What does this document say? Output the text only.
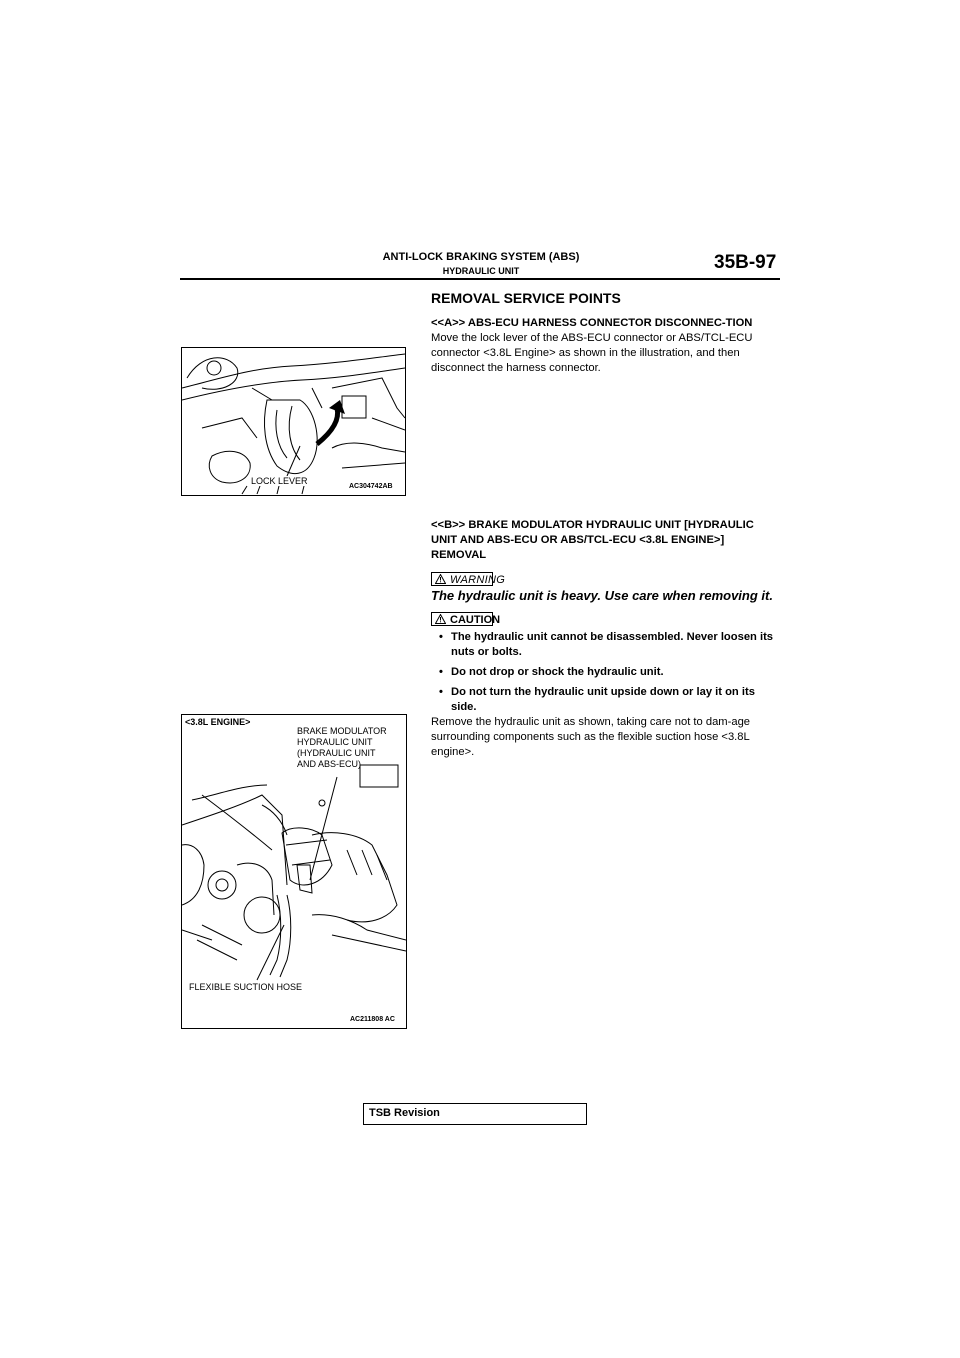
ANTI-LOCK BRAKING SYSTEM (ABS)
HYDRAULIC UNIT	35B-97
REMOVAL SERVICE POINTS
<<A>> ABS-ECU HARNESS CONNECTOR DISCONNEC-TION
Move the lock lever of the ABS-ECU connector or ABS/TCL-ECU connector <3.8L Engine> as shown in the illustration, and then disconnect the harness connector.
<<B>> BRAKE MODULATOR HYDRAULIC UNIT [HYDRAULIC UNIT AND ABS-ECU OR ABS/TCL-ECU <3.8L ENGINE>] REMOVAL
WARNING
The hydraulic unit is heavy. Use care when removing it.
CAUTION
• The hydraulic unit cannot be disassembled. Never loosen its nuts or bolts.
• Do not drop or shock the hydraulic unit.
• Do not turn the hydraulic unit upside down or lay it on its side.
Remove the hydraulic unit as shown, taking care not to dam-age surrounding components such as the flexible suction hose <3.8L engine>.
LOCK LEVER
AC304742AB
<3.8L ENGINE>
BRAKE MODULATOR
HYDRAULIC UNIT
(HYDRAULIC UNIT
AND ABS-ECU)
FLEXIBLE SUCTION HOSE
AC211808 AC
TSB Revision
